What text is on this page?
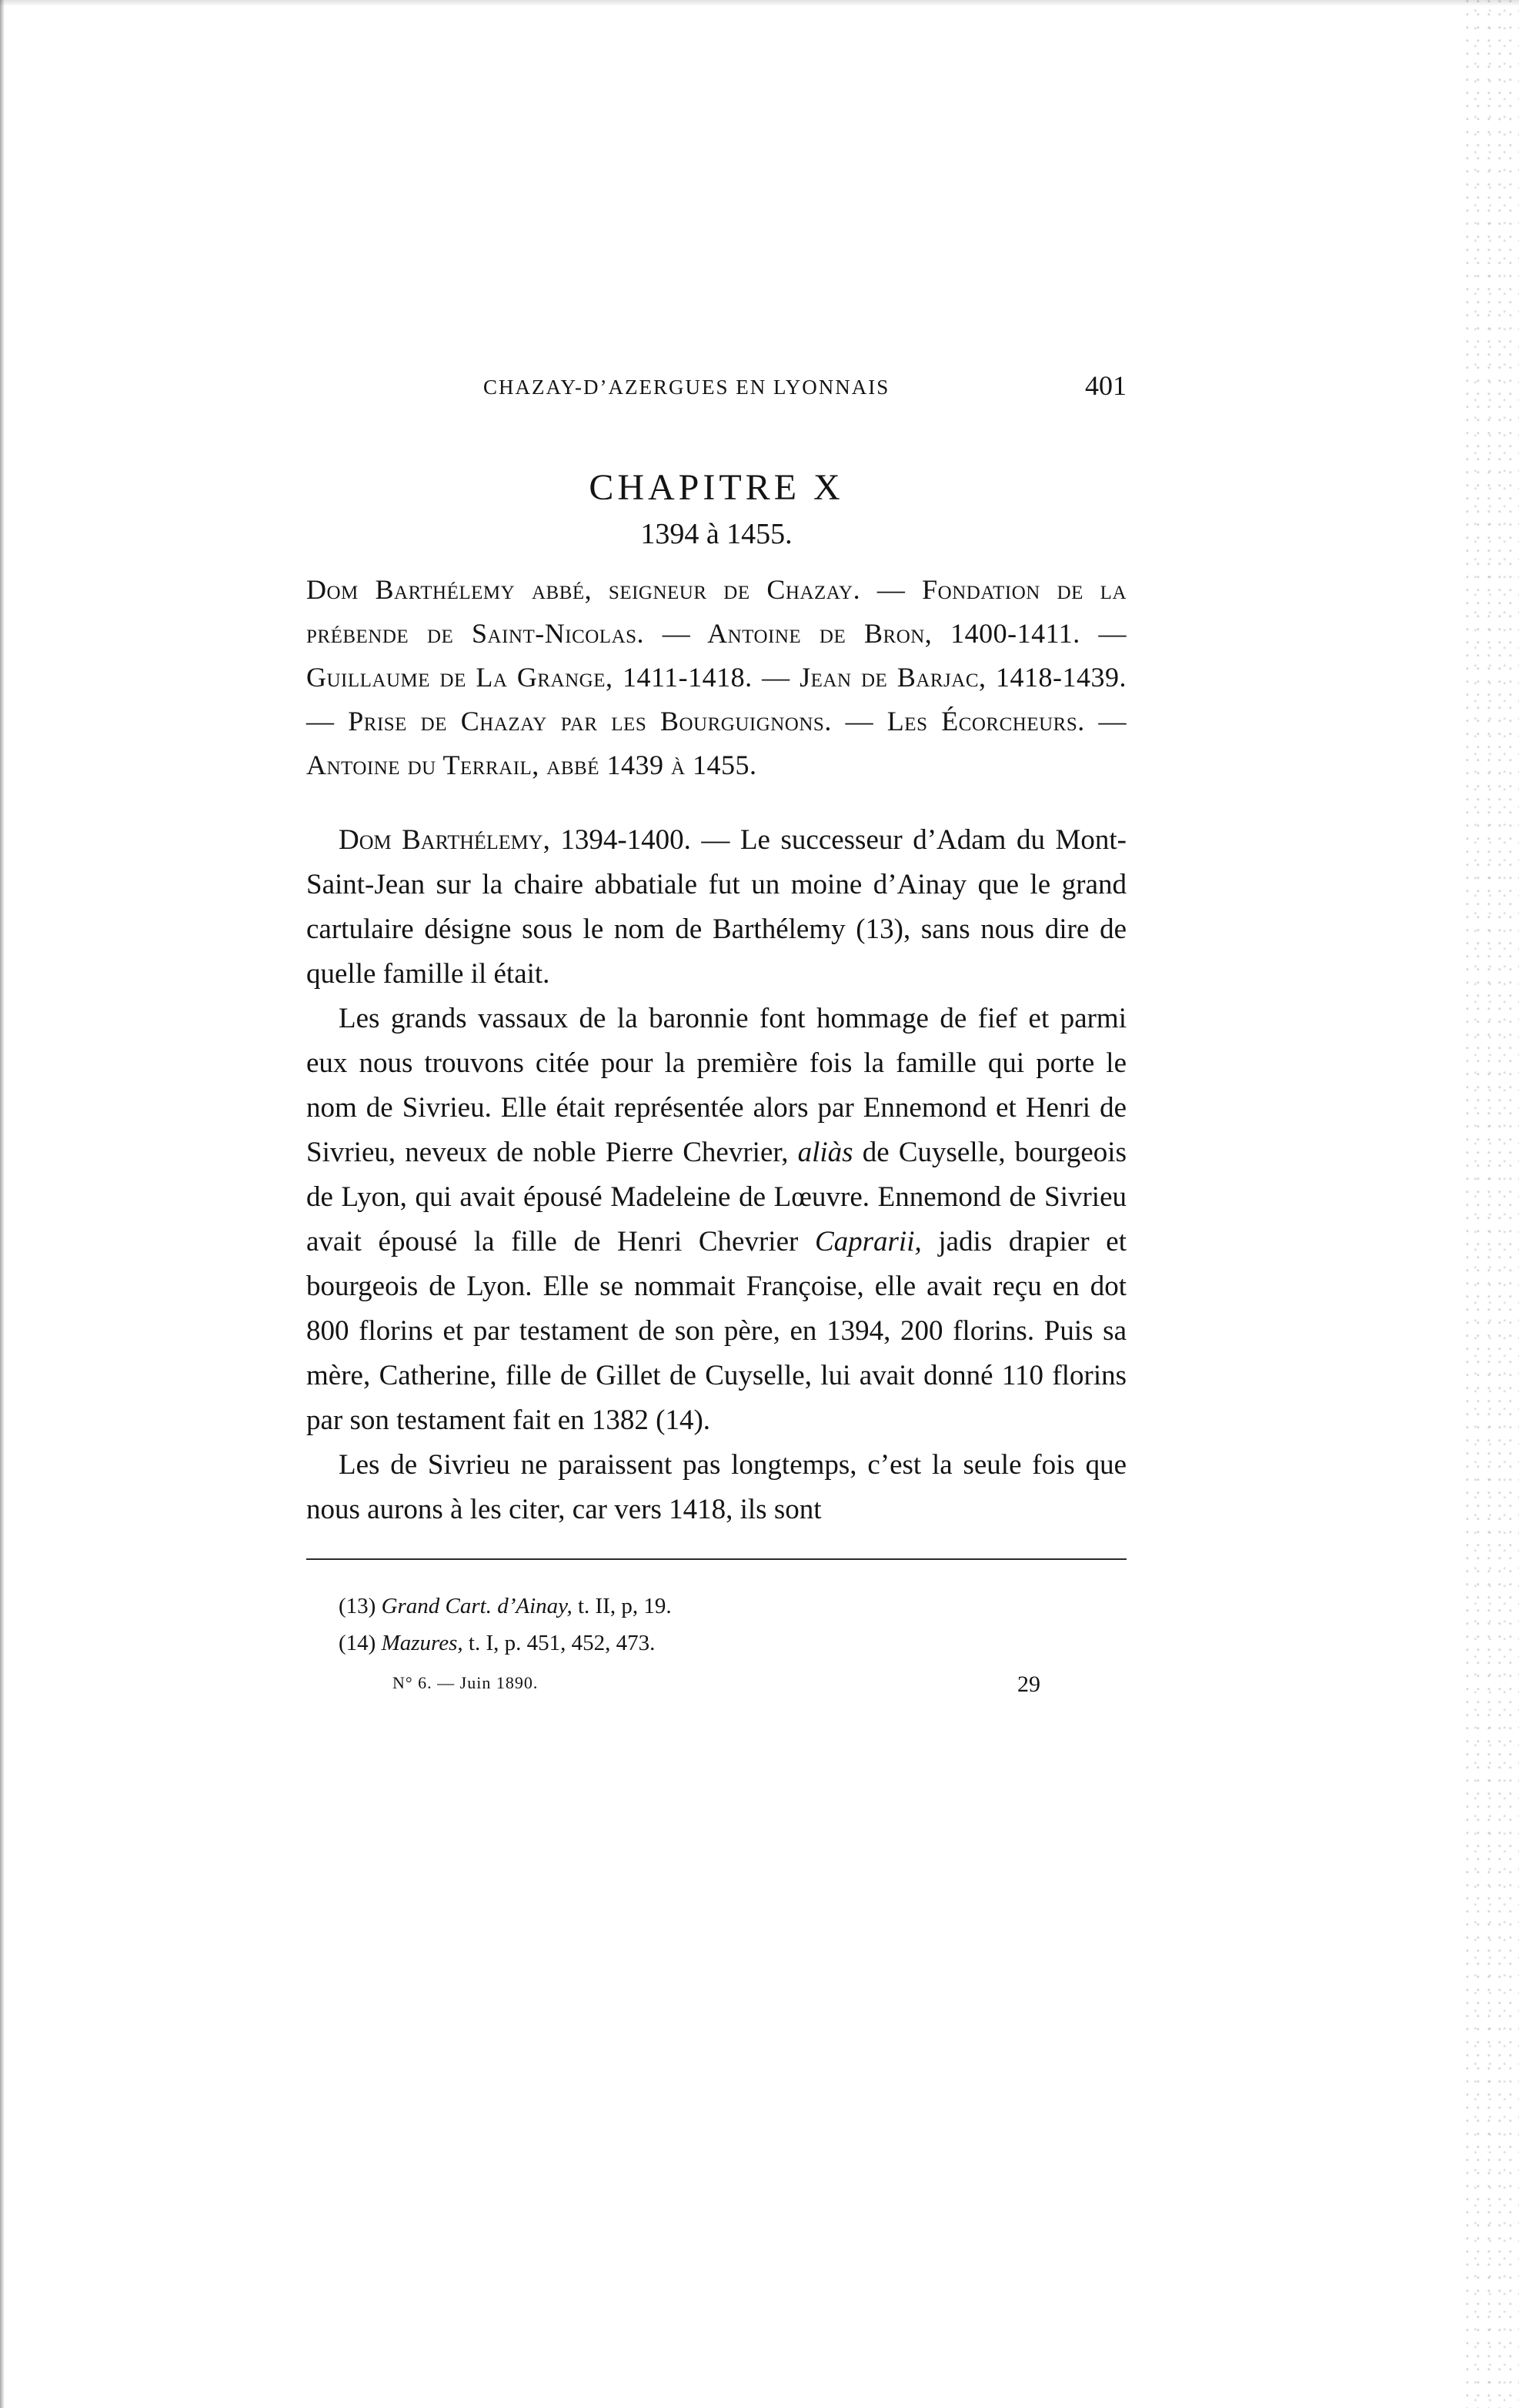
CHAZAY-D’AZERGUES EN LYONNAIS	401
CHAPITRE X
1394 à 1455.
Dom Barthélemy abbé, seigneur de Chazay. — Fondation de la prébende de Saint-Nicolas. — Antoine de Bron, 1400-1411. — Guillaume de La Grange, 1411-1418. — Jean de Barjac, 1418-1439. — Prise de Chazay par les Bourguignons. — Les Écorcheurs. — Antoine du Terrail, abbé 1439 à 1455.

Dom Barthélemy, 1394-1400. — Le successeur d’Adam du Mont-Saint-Jean sur la chaire abbatiale fut un moine d’Ainay que le grand cartulaire désigne sous le nom de Barthélemy (13), sans nous dire de quelle famille il était.

Les grands vassaux de la baronnie font hommage de fief et parmi eux nous trouvons citée pour la première fois la famille qui porte le nom de Sivrieu. Elle était représentée alors par Ennemond et Henri de Sivrieu, neveux de noble Pierre Chevrier, aliàs de Cuyselle, bourgeois de Lyon, qui avait épousé Madeleine de Lœuvre. Ennemond de Sivrieu avait épousé la fille de Henri Chevrier Caprarii, jadis drapier et bourgeois de Lyon. Elle se nommait Françoise, elle avait reçu en dot 800 florins et par testament de son père, en 1394, 200 florins. Puis sa mère, Catherine, fille de Gillet de Cuyselle, lui avait donné 110 florins par son testament fait en 1382 (14).

Les de Sivrieu ne paraissent pas longtemps, c’est la seule fois que nous aurons à les citer, car vers 1418, ils sont

(13) Grand Cart. d’Ainay, t. II, p, 19.
(14) Mazures, t. I, p. 451, 452, 473.
N° 6. — Juin 1890.	29
